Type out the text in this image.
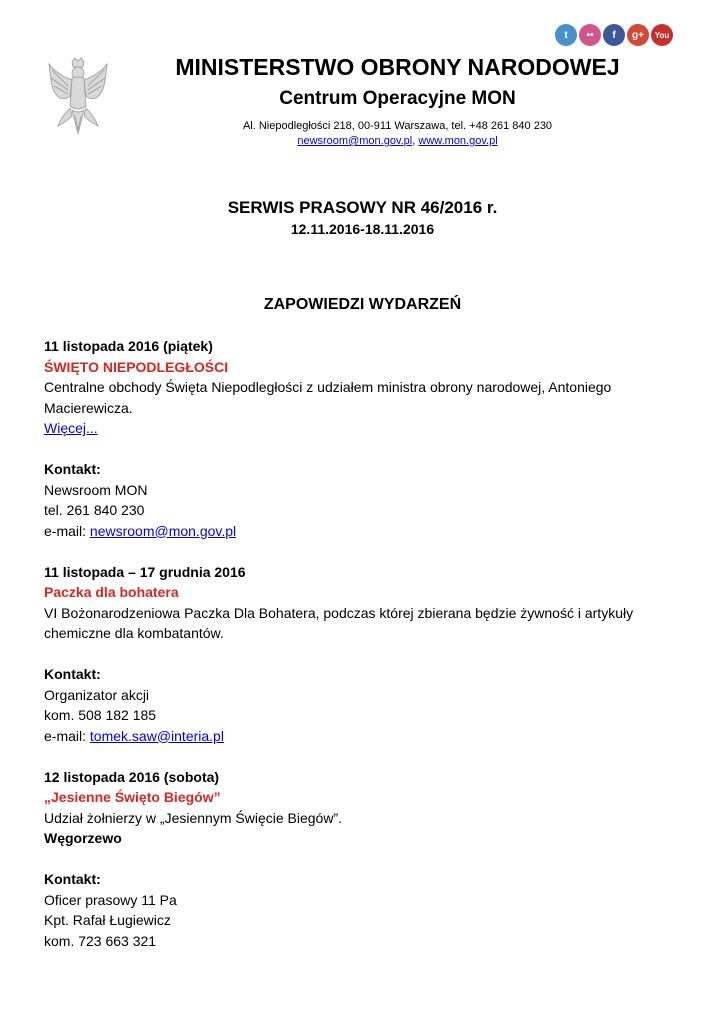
t	••	f	g+	You
MINISTERSTWO OBRONY NARODOWEJ
Centrum Operacyjne MON
Al. Niepodległości 218, 00-911 Warszawa, tel. +48 261 840 230
newsroom@mon.gov.pl, www.mon.gov.pl
SERWIS PRASOWY NR 46/2016 r.
12.11.2016-18.11.2016
ZAPOWIEDZI WYDARZEŃ

11 listopada 2016 (piątek)

ŚWIĘTO NIEPODLEGŁOŚCI

Centralne obchody Święta Niepodległości z udziałem ministra obrony narodowej, Antoniego Macierewicza.

Więcej...

Kontakt:

Newsroom MON

tel. 261 840 230

e-mail: newsroom@mon.gov.pl

11 listopada – 17 grudnia 2016

Paczka dla bohatera

VI Bożonarodzeniowa Paczka Dla Bohatera, podczas której zbierana będzie żywność i artykuły chemiczne dla kombatantów.

Kontakt:

Organizator akcji

kom. 508 182 185

e-mail: tomek.saw@interia.pl

12 listopada 2016 (sobota)

„Jesienne Święto Biegów”

Udział żołnierzy w „Jesiennym Święcie Biegów”.

Węgorzewo

Kontakt:

Oficer prasowy 11 Pa

Kpt. Rafał Ługiewicz

kom. 723 663 321
